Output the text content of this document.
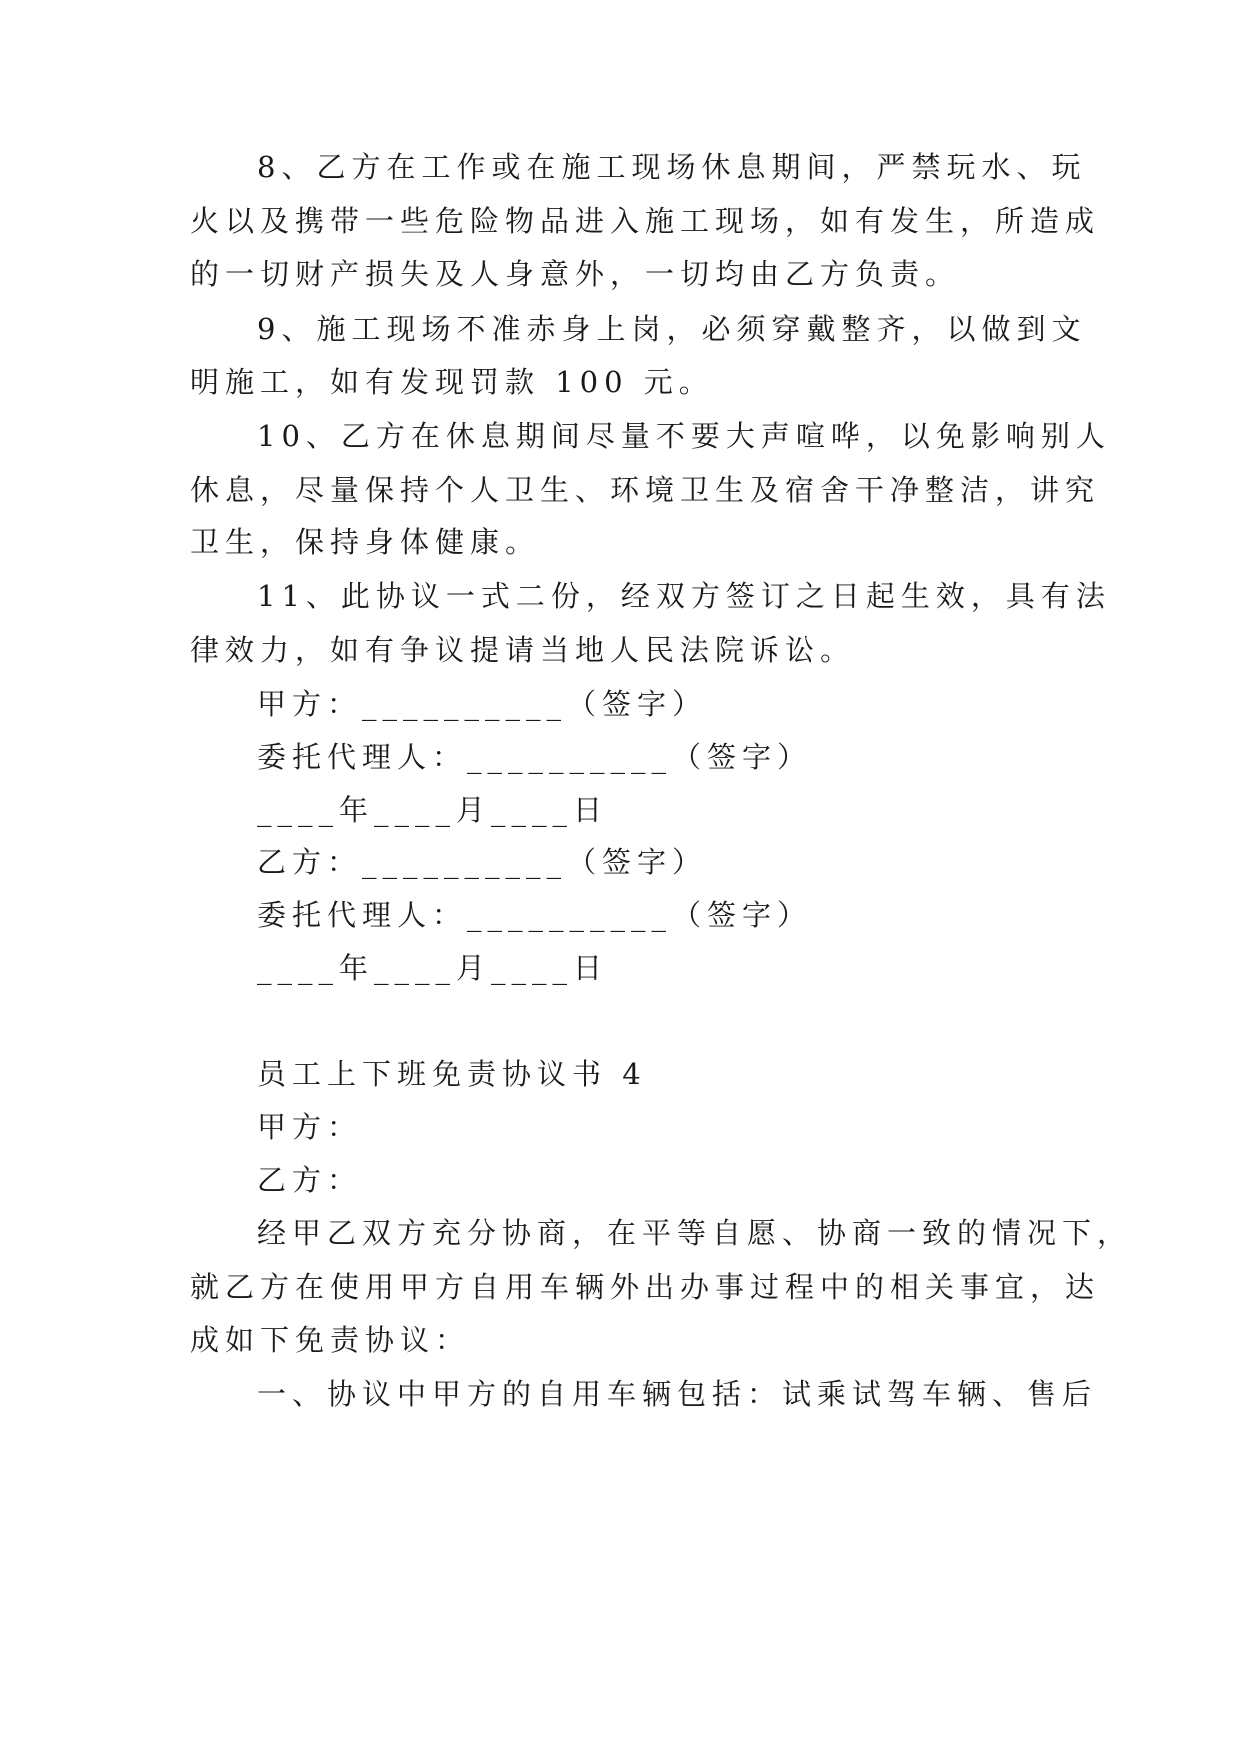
8、乙方在工作或在施工现场休息期间，严禁玩水、玩
火以及携带一些危险物品进入施工现场，如有发生，所造成
的一切财产损失及人身意外，一切均由乙方负责。
9、施工现场不准赤身上岗，必须穿戴整齐，以做到文
明施工，如有发现罚款 100 元。
10、乙方在休息期间尽量不要大声喧哗，以免影响别人
休息，尽量保持个人卫生、环境卫生及宿舍干净整洁，讲究
卫生，保持身体健康。
11、此协议一式二份，经双方签订之日起生效，具有法
律效力，如有争议提请当地人民法院诉讼。
甲方：__________（签字）
委托代理人：__________（签字）
____年____月____日
乙方：__________（签字）
委托代理人：__________（签字）
____年____月____日
员工上下班免责协议书 4
甲方：
乙方：
经甲乙双方充分协商，在平等自愿、协商一致的情况下，
就乙方在使用甲方自用车辆外出办事过程中的相关事宜，达
成如下免责协议：
一、协议中甲方的自用车辆包括：试乘试驾车辆、售后
